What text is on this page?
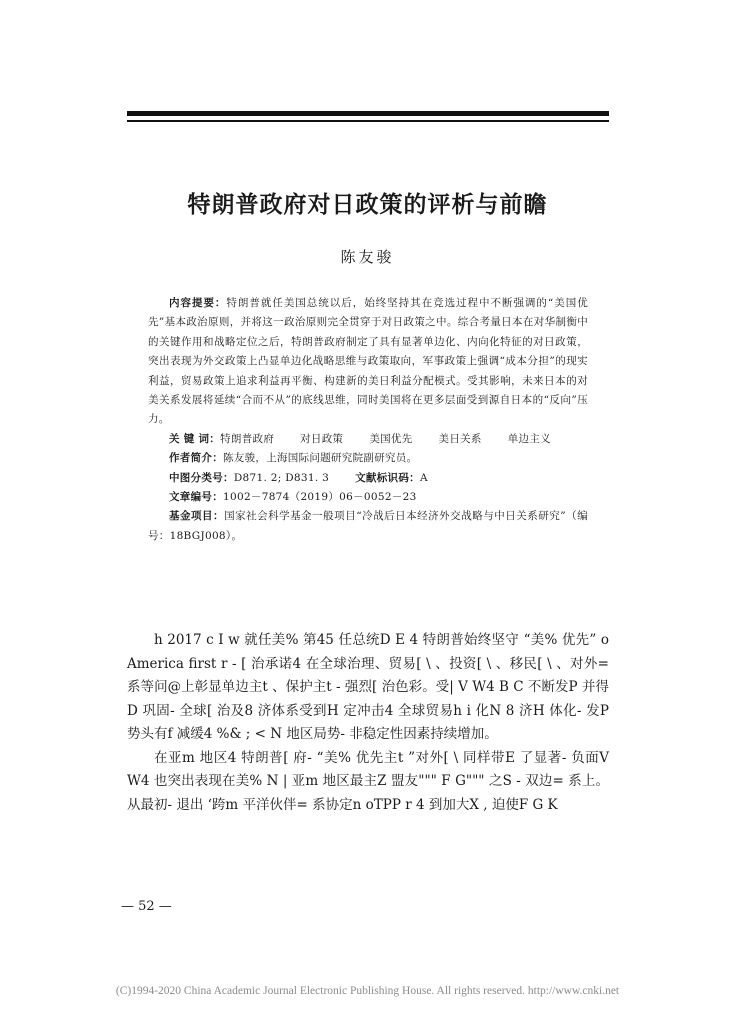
特朗普政府对日政策的评析与前瞻
陈友骏

内容提要：特朗普就任美国总统以后，始终坚持其在竞选过程中不断强调的“美国优先”基本政治原则，并将这一政治原则完全贯穿于对日政策之中。综合考量日本在对华制衡中的关键作用和战略定位之后，特朗普政府制定了具有显著单边化、内向化特征的对日政策，突出表现为外交政策上凸显单边化战略思维与政策取向，军事政策上强调“成本分担”的现实利益，贸易政策上追求利益再平衡、构建新的美日利益分配模式。受其影响，未来日本的对美关系发展将延续“合而不从”的底线思维，同时美国将在更多层面受到源自日本的“反向”压力。

关 键 词：特朗普政府 对日政策 美国优先 美日关系 单边主义

作者简介：陈友骏，上海国际问题研究院副研究员。

中图分类号：D871. 2; D831. 3 文献标识码：A

文章编号：1002－7874（2019）06－0052－23

基金项目：国家社会科学基金一般项目“冷战后日本经济外交战略与中日关系研究”（编号：18BGJ008）。

h 2017 c I w 就任美% 第45 任总统D E 4 特朗普始终坚守 “美% 优先” o America first r - [ 治承诺4 在全球治理、贸易[ \ 、投资[ \ 、移民[ \ 、对外= 系等问@上彰显单边主t 、保护主t - 强烈[ 治色彩。受| V W4 B C 不断发P 并得D 巩固- 全球[ 治及8 济体系受到H 定冲击4 全球贸易h i 化N 8 济H 体化- 发P 势头有f 减缓4 %& ; < N 地区局势- 非稳定性因素持续增加。

在亚m 地区4 特朗普[ 府- “美% 优先主t ”对外[ \ 同样带E 了显著- 负面V W4 也突出表现在美% N | 亚m 地区最主Z 盟友""" F G""" 之S - 双边= 系上。从最初- 退出 ‘跨m 平洋伙伴= 系协定n oTPP r 4 到加大X , 迫使F G K

— 52 —
(C)1994-2020 China Academic Journal Electronic Publishing House. All rights reserved. http://www.cnki.net
